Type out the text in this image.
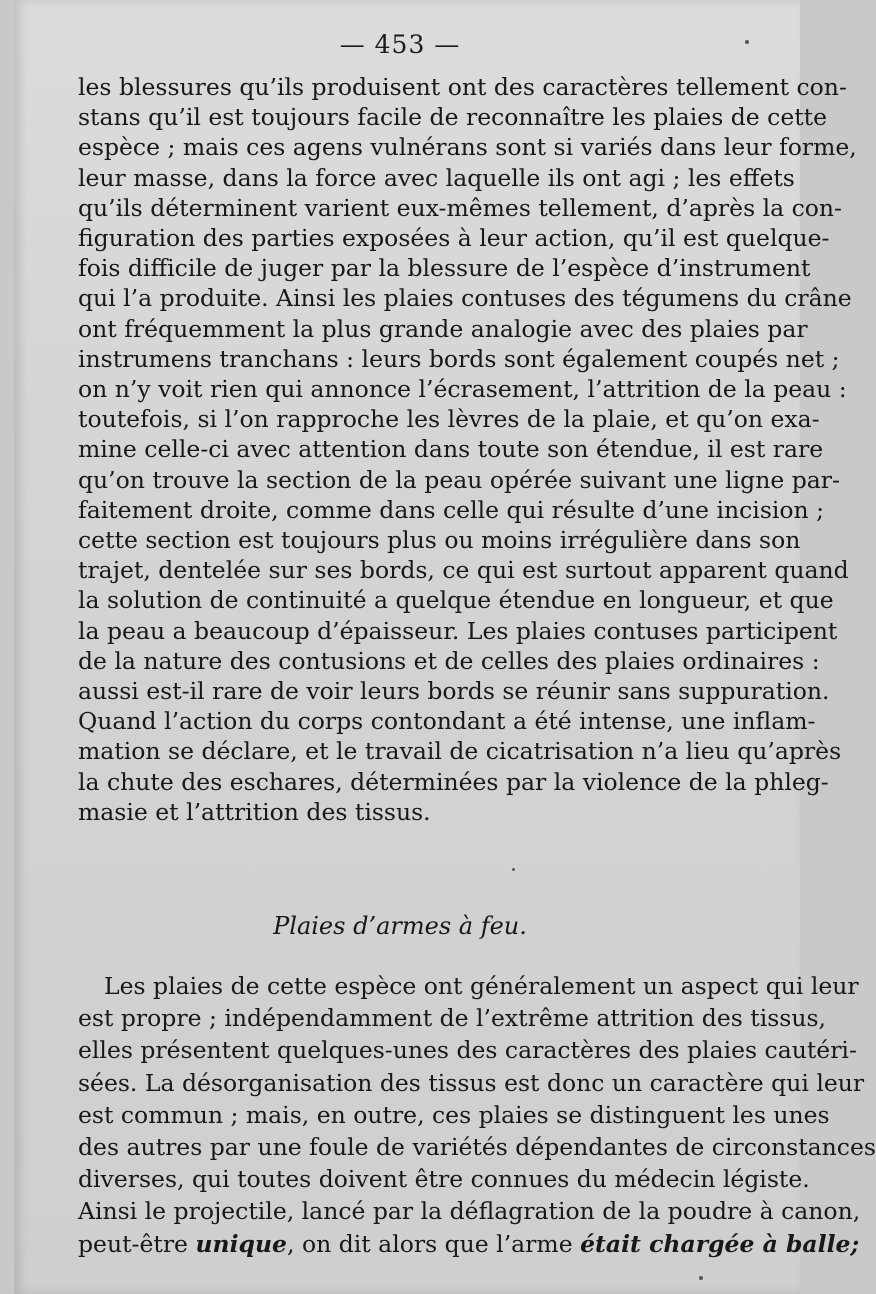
— 453 —
les blessures qu’ils produisent ont des caractères tellement con-
stans qu’il est toujours facile de reconnaître les plaies de cette
espèce ; mais ces agens vulnérans sont si variés dans leur forme,
leur masse, dans la force avec laquelle ils ont agi ; les effets
qu’ils déterminent varient eux-mêmes tellement, d’après la con-
figuration des parties exposées à leur action, qu’il est quelque-
fois difficile de juger par la blessure de l’espèce d’instrument
qui l’a produite. Ainsi les plaies contuses des tégumens du crâne
ont fréquemment la plus grande analogie avec des plaies par
instrumens tranchans : leurs bords sont également coupés net ;
on n’y voit rien qui annonce l’écrasement, l’attrition de la peau :
toutefois, si l’on rapproche les lèvres de la plaie, et qu’on exa-
mine celle-ci avec attention dans toute son étendue, il est rare
qu’on trouve la section de la peau opérée suivant une ligne par-
faitement droite, comme dans celle qui résulte d’une incision ;
cette section est toujours plus ou moins irrégulière dans son
trajet, dentelée sur ses bords, ce qui est surtout apparent quand
la solution de continuité a quelque étendue en longueur, et que
la peau a beaucoup d’épaisseur. Les plaies contuses participent
de la nature des contusions et de celles des plaies ordinaires :
aussi est-il rare de voir leurs bords se réunir sans suppuration.
Quand l’action du corps contondant a été intense, une inflam-
mation se déclare, et le travail de cicatrisation n’a lieu qu’après
la chute des eschares, déterminées par la violence de la phleg-
masie et l’attrition des tissus.
Plaies d’armes à feu.
Les plaies de cette espèce ont généralement un aspect qui leur
est propre ; indépendamment de l’extrême attrition des tissus,
elles présentent quelques-unes des caractères des plaies cautéri-
sées. La désorganisation des tissus est donc un caractère qui leur
est commun ; mais, en outre, ces plaies se distinguent les unes
des autres par une foule de variétés dépendantes de circonstances
diverses, qui toutes doivent être connues du médecin légiste.
Ainsi le projectile, lancé par la déflagration de la poudre à canon,
peut-être unique, on dit alors que l’arme était chargée à balle;
